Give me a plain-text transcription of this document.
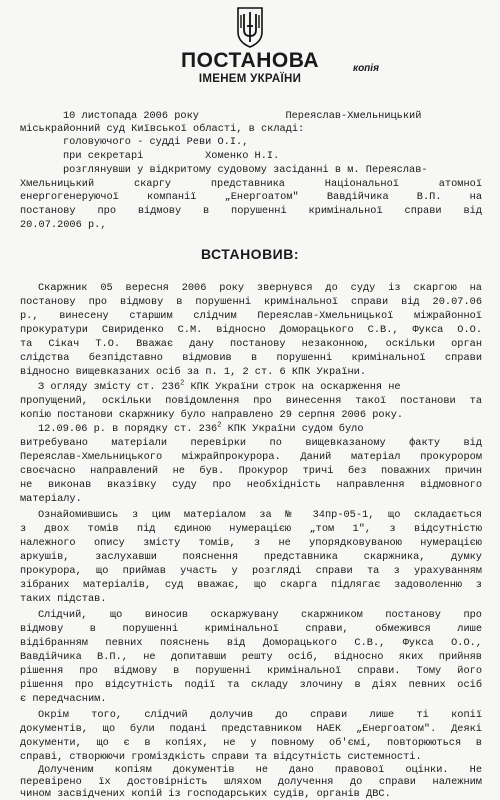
ПОСТАНОВА
ІМЕНЕМ УКРАЇНИ
копія
10 листопада 2006 року              Переяслав-Хмельницький
міськрайонний суд Київської області, в складі:
головуючого - судді Реви О.І.,
при секретарі          Хоменко Н.І.
розглянувши у відкритому судовому засіданні в м. Переяслав-
Хмельницький скаргу представника Національної атомної
енергогенеруючої компанії „Енергоатом" Вавдійчика В.П. на
постанову про відмову в порушенні кримінальної справи від
20.07.2006 р.,
ВСТАНОВИВ:
Скаржник 05 вересня 2006 року звернувся до суду із скаргою на
постанову про відмову в порушенні кримінальної справи від 20.07.06
р., винесену старшим слідчим Переяслав-Хмельницької міжрайонної
прокуратури Свириденко С.М. відносно Доморацького С.В., Фукса О.О.
та Сікач Т.О. Вважає дану постанову незаконною, оскільки орган
слідства безпідставно відмовив в порушенні кримінальної справи
відносно вищевказаних осіб за п. 1, 2 ст. 6 КПК України.
З огляду змісту ст. $236^2$ КПК України строк на оскарження не
пропущений, оскільки повідомлення про винесення такої постанови та
копію постанови скаржнику було направлено 29 серпня 2006 року.
12.09.06 р. в порядку ст. $236^2$ КПК України судом було
витребувано матеріали перевірки по вищевказаному факту від
Переяслав-Хмельницького міжрайпрокурора. Даний матеріал прокурором
своєчасно направлений не був. Прокурор тричі без поважних причин
не виконав вказівку суду про необхідність направлення відмовного
матеріалу.
Ознайомившись з цим матеріалом за № 34пр-05-1, що складається
з двох томів під єдиною нумерацією „том 1", з відсутністю
належного опису змісту томів, з не упорядковуваною нумерацією
аркушів, заслухавши пояснення представника скаржника, думку
прокурора, що приймав участь у розгляді справи та з урахуванням
зібраних матеріалів, суд вважає, що скарга підлягає задоволенню з
таких підстав.
Слідчий, що виносив оскаржувану скаржником постанову про
відмову в порушенні кримінальної справи, обмежився лише
відібранням певних пояснень від Доморацького С.В., Фукса О.О.,
Вавдійчика В.П., не допитавши решту осіб, відносно яких прийняв
рішення про відмову в порушенні кримінальної справи. Тому його
рішення про відсутність події та складу злочину в діях певних осіб
є передчасним.
Окрім того, слідчий долучив до справи лише ті копії
документів, що були подані представником НАЕК „Енергоатом". Деякі
документи, що є в копіях, не у повному об'ємі, повторюються в
справі, створюючи громіздкість справи та відсутність системності.
Долученим копіям документів не дано правової оцінки. Не
перевірено їх достовірність шляхом долучення до справи належним
чином засвідчених копій із господарських судів, органів ДВС.
